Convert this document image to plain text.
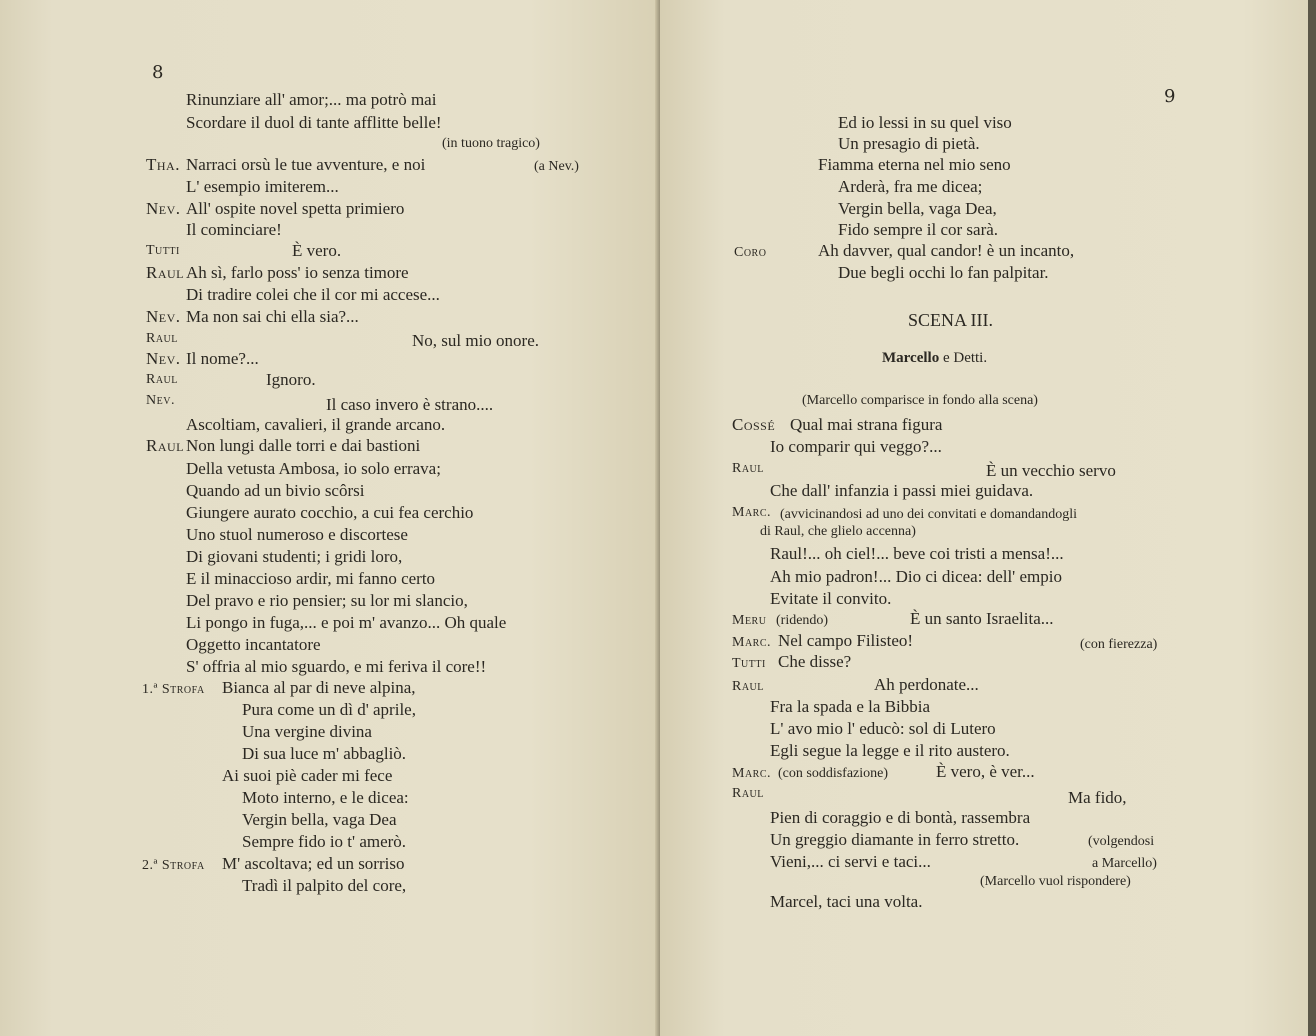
8
Rinunziare all' amor;... ma potrò mai
Scordare il duol di tante afflitte belle!
(in tuono tragico)
Tha. Narraci orsù le tue avventure, e noi	(a Nev.)
L' esempio imiterem...
Nev. All' ospite novel spetta primiero
Il cominciare!
Tutti	È vero.
Raul Ah sì, farlo poss' io senza timore
Di tradire colei che il cor mi accese...
Nev. Ma non sai chi ella sia?...
Raul	No, sul mio onore.
Nev. Il nome?...
Raul	Ignoro.
Nev.	Il caso invero è strano....
Ascoltiam, cavalieri, il grande arcano.
Raul Non lungi dalle torri e dai bastioni
Della vetusta Ambosa, io solo errava;
Quando ad un bivio scôrsi
Giungere aurato cocchio, a cui fea cerchio
Uno stuol numeroso e discortese
Di giovani studenti; i gridi loro,
E il minaccioso ardir, mi fanno certo
Del pravo e rio pensier; su lor mi slancio,
Li pongo in fuga,... e poi m' avanzo... Oh quale
Oggetto incantatore
S' offria al mio sguardo, e mi feriva il core!!
1.ª Strofa Bianca al par di neve alpina,
Pura come un dì d' aprile,
Una vergine divina
Di sua luce m' abbagliò.
Ai suoi piè cader mi fece
Moto interno, e le dicea:
Vergin bella, vaga Dea
Sempre fido io t' amerò.
2.ª Strofa M' ascoltava; ed un sorriso
Tradì il palpito del core,
9
Ed io lessi in su quel viso
Un presagio di pietà.
Fiamma eterna nel mio seno
Arderà, fra me dicea;
Vergin bella, vaga Dea,
Fido sempre il cor sarà.
Coro	Ah davver, qual candor! è un incanto,
Due begli occhi lo fan palpitar.
SCENA III.
Marcello e Detti.
(Marcello comparisce in fondo alla scena)
Cossé Qual mai strana figura
Io comparir qui veggo?...
Raul	È un vecchio servo
Che dall' infanzia i passi miei guidava.
Marc. (avvicinandosi ad uno dei convitati e domandandogli
di Raul, che glielo accenna)
Raul!... oh ciel!... beve coi tristi a mensa!...
Ah mio padron!... Dio ci dicea: dell' empio
Evitate il convito.
Meru (ridendo)	È un santo Israelita...
Marc. Nel campo Filisteo!	(con fierezza)
Tutti Che disse?
Raul	Ah perdonate...
Fra la spada e la Bibbia
L' avo mio l' educò: sol di Lutero
Egli segue la legge e il rito austero.
Marc. (con soddisfazione)	È vero, è ver...
Raul	Ma fido,
Pien di coraggio e di bontà, rassembra
Un greggio diamante in ferro stretto.	(volgendosi
Vieni,... ci servi e taci...	a Marcello)
(Marcello vuol rispondere)
Marcel, taci una volta.
